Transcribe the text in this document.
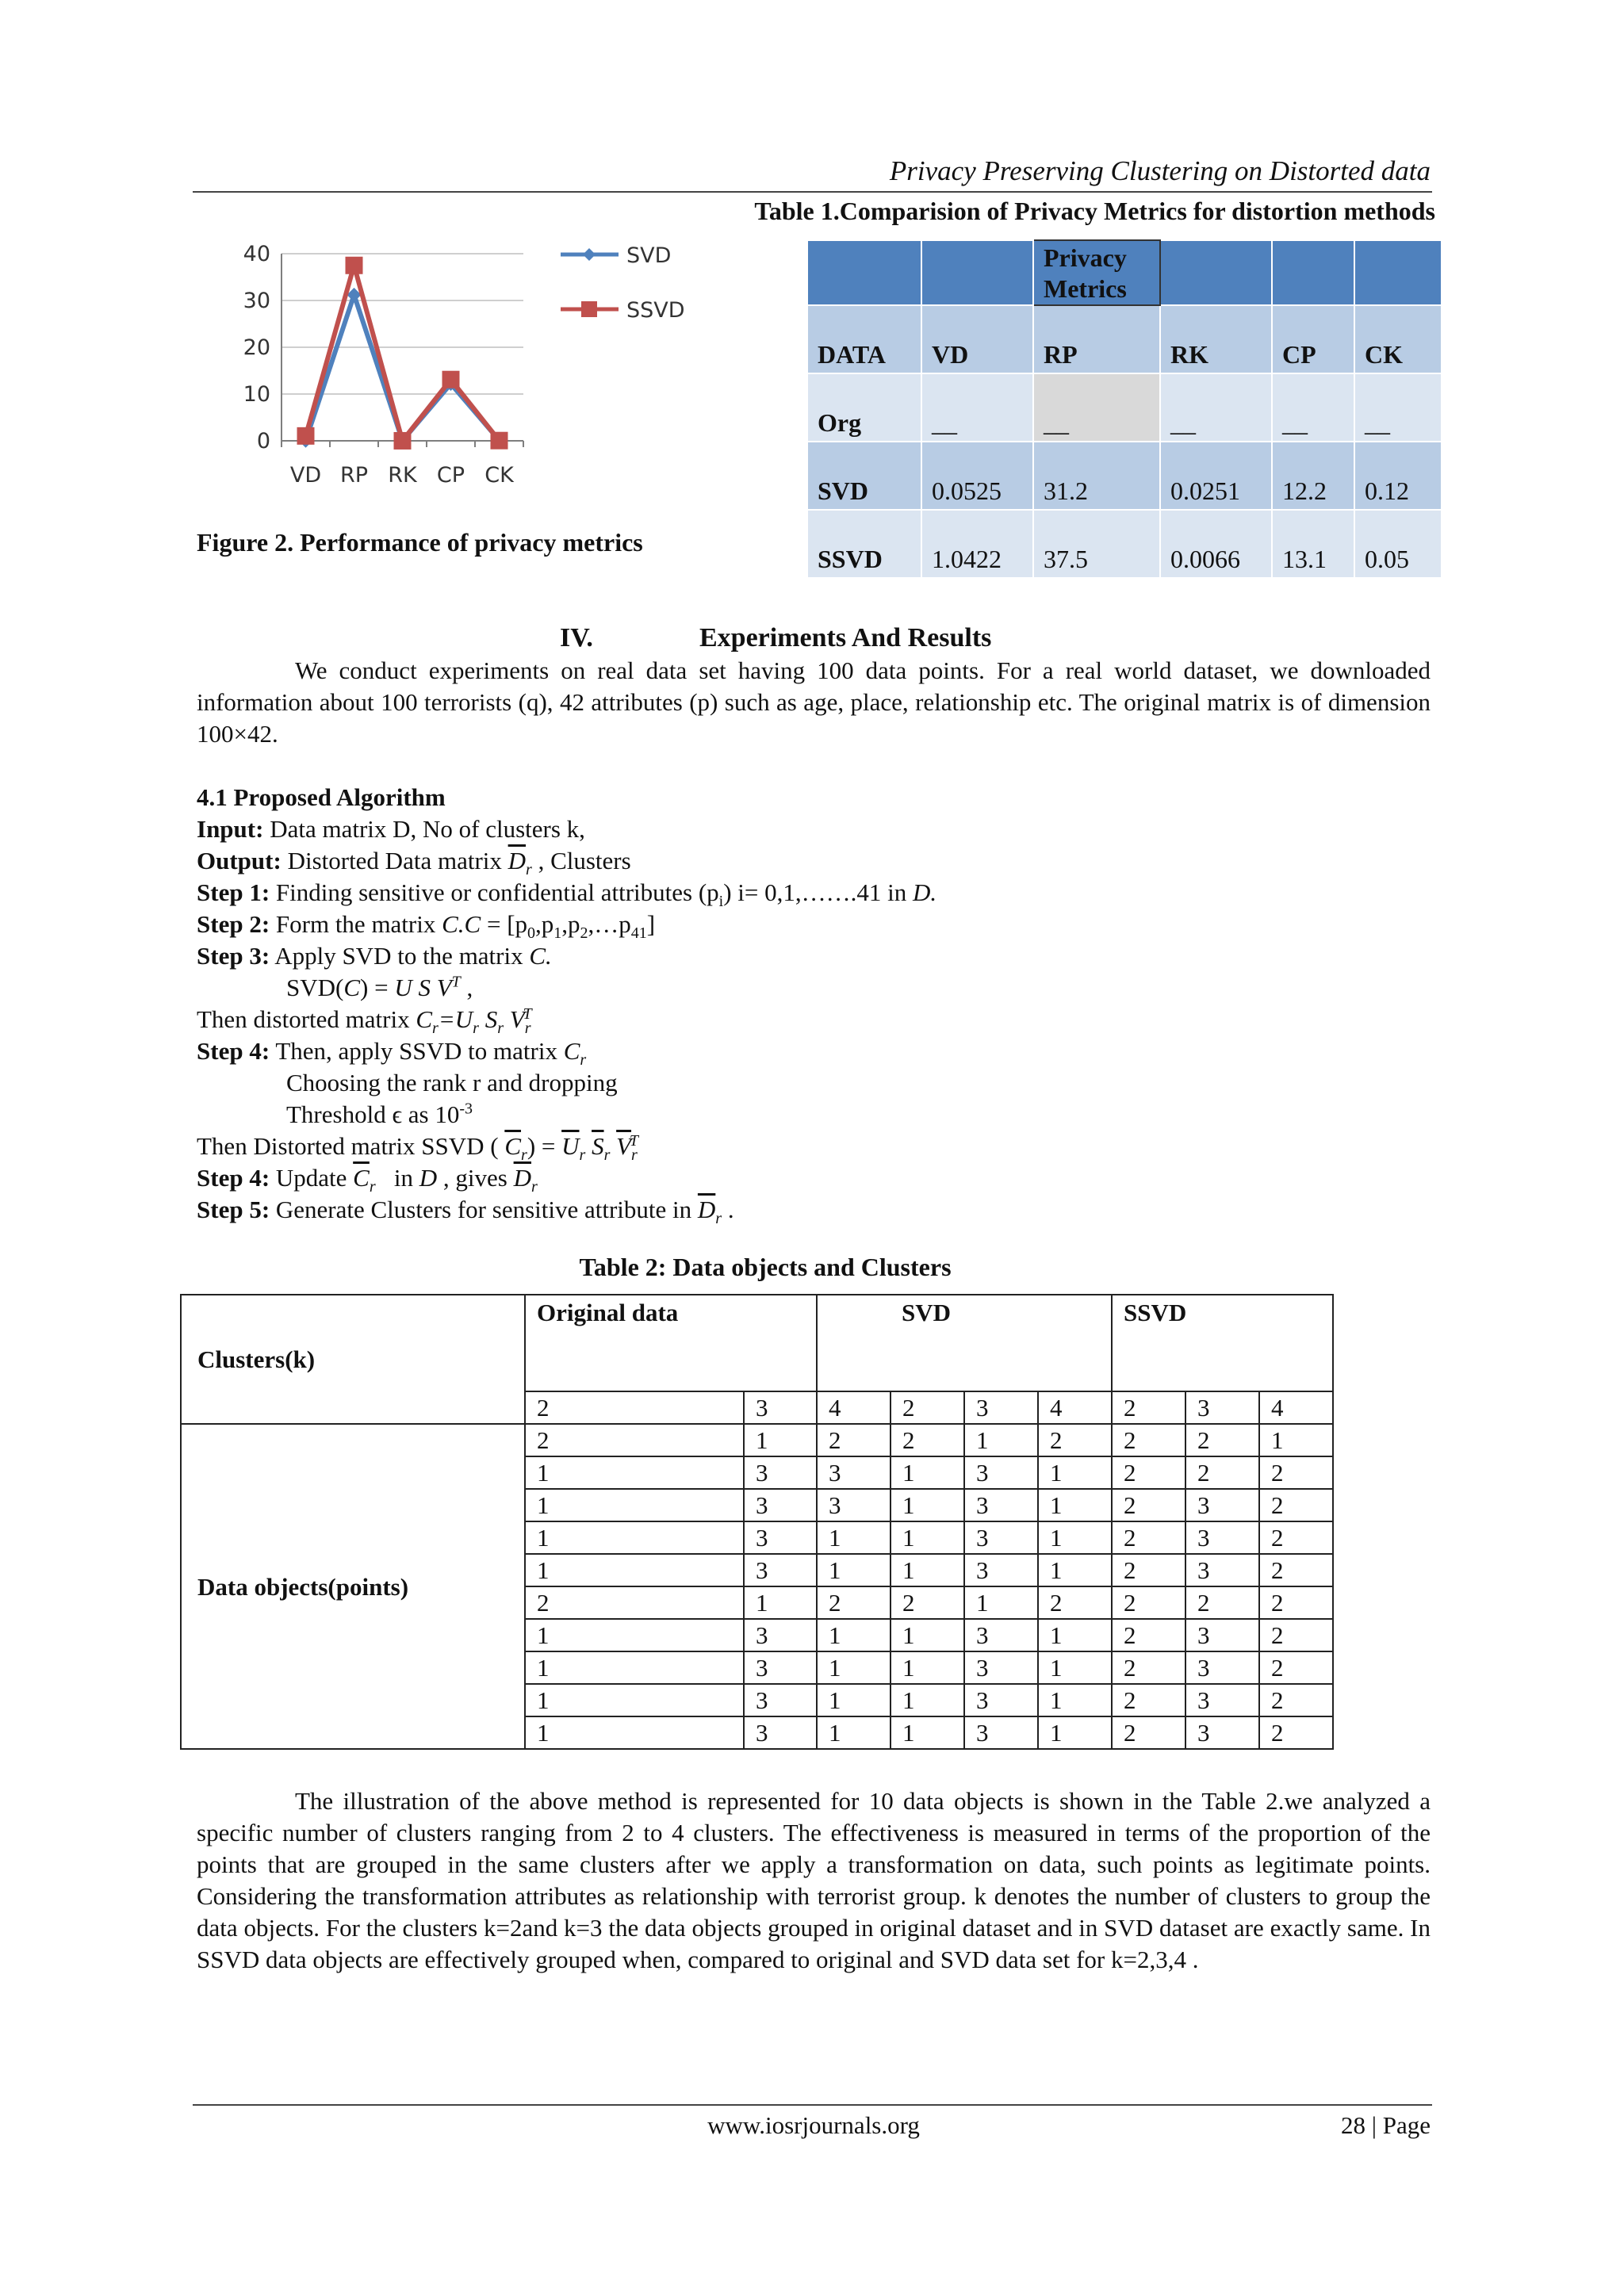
Privacy Preserving Clustering on Distorted data
Table 1.Comparision of Privacy Metrics for distortion methods
0
10
20
30
40
VD RP RK CP CK
SVD
SSVD
Figure 2. Performance of privacy metrics
		Privacy
Metrics			
DATA	VD	RP	RK	CP	CK
Org	__	__	__	__	__
SVD	0.0525	31.2	0.0251	12.2	0.12
SSVD	1.0422	37.5	0.0066	13.1	0.05
IV.	Experiments And Results

We conduct experiments on real data set having 100 data points. For a real world dataset, we downloaded information about 100 terrorists (q), 42 attributes (p) such as age, place, relationship etc. The original matrix is of dimension 100×42.

4.1 Proposed Algorithm
Input: Data matrix D, No of clusters k,
Output: Distorted Data matrix $\overline{D}_r$ , Clusters
Step 1: Finding sensitive or confidential attributes $(p_i)$ i= 0,1,…….41 in D.
Step 2: Form the matrix $C.C = [p_0,p_1,p_2,\dots p_{41}]$
Step 3: Apply SVD to the matrix C.
SVD(C) = U S $V^T$ ,
Then distorted matrix $C_r=U_r$ $S_r$ $V_r^T$
Step 4: Then, apply SSVD to matrix $C_r$
Choosing the rank r and dropping
Threshold ϵ as $10^{-3}$
Then Distorted matrix SSVD ( $\overline{C}_r) = \overline{U}_r$ $\overline{S}_r$ $\overline{V}_r^T$
Step 4: Update $\overline{C}_r$ in D , gives $\overline{D}_r$
Step 5: Generate Clusters for sensitive attribute in $\overline{D}_r$ .
Table 2: Data objects and Clusters
Clusters(k)	Original data		SVD				SSVD		
	2	3	4	2	3	4	2	3	4
Data objects(points)	2	1	2	2	1	2	2	2	1
	1	3	3	1	3	1	2	2	2
	1	3	3	1	3	1	2	3	2
	1	3	1	1	3	1	2	3	2
	1	3	1	1	3	1	2	3	2
	2	1	2	2	1	2	2	2	2
	1	3	1	1	3	1	2	3	2
	1	3	1	1	3	1	2	3	2
	1	3	1	1	3	1	2	3	2
	1	3	1	1	3	1	2	3	2

The illustration of the above method is represented for 10 data objects is shown in the Table 2.we analyzed a specific number of clusters ranging from 2 to 4 clusters. The effectiveness is measured in terms of the proportion of the points that are grouped in the same clusters after we apply a transformation on data, such points as legitimate points. Considering the transformation attributes as relationship with terrorist group. k denotes the number of clusters to group the data objects. For the clusters k=2and k=3 the data objects grouped in original dataset and in SVD dataset are exactly same. In SSVD data objects are effectively grouped when, compared to original and SVD data set for k=2,3,4 .

www.iosrjournals.org	28 | Page
